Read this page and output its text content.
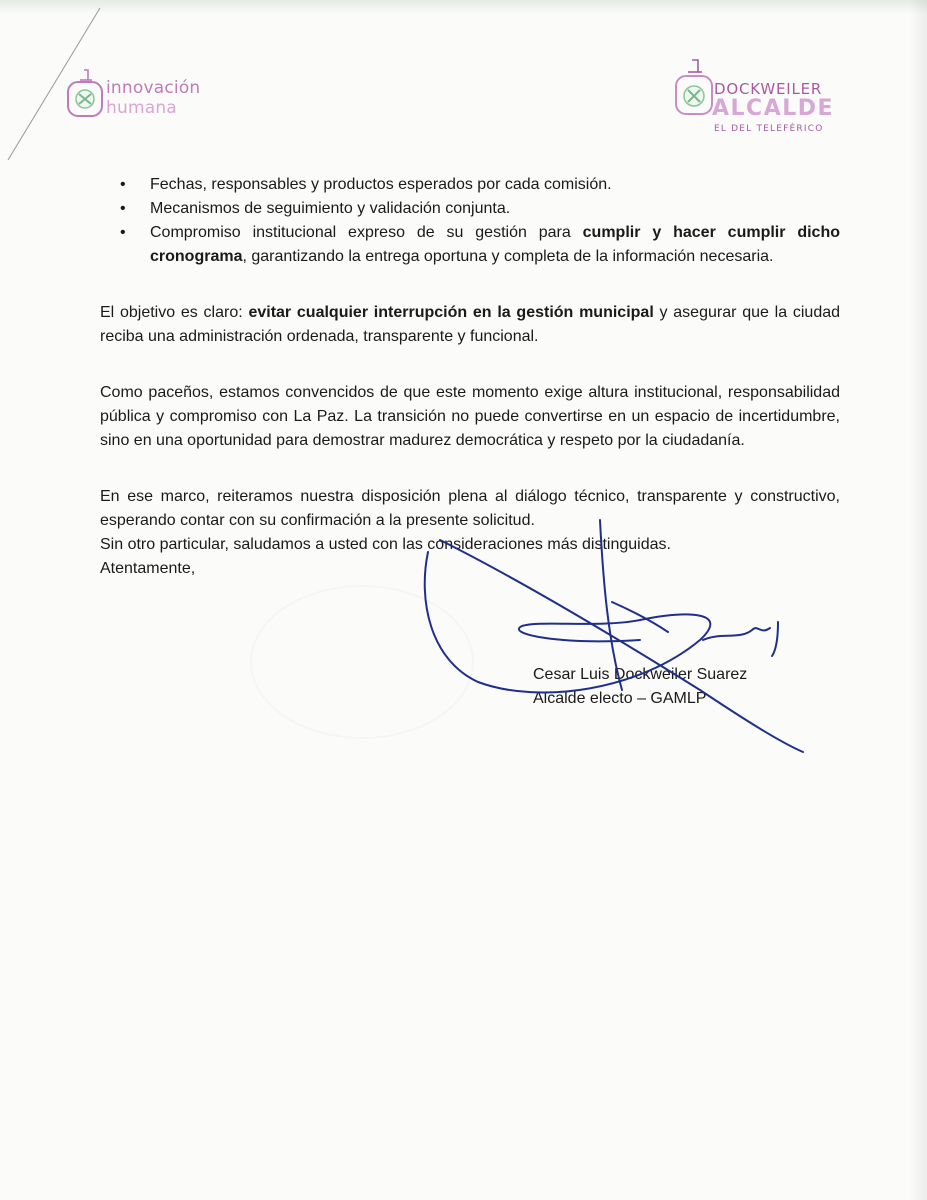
innovación
humana
DOCKWEILER
ALCALDE
EL DEL TELEFÉRICO
• Fechas, responsables y productos esperados por cada comisión.
• Mecanismos de seguimiento y validación conjunta.
• Compromiso institucional expreso de su gestión para cumplir y hacer cumplir dicho cronograma, garantizando la entrega oportuna y completa de la información necesaria.

El objetivo es claro: evitar cualquier interrupción en la gestión municipal y asegurar que la ciudad reciba una administración ordenada, transparente y funcional.

Como paceños, estamos convencidos de que este momento exige altura institucional, responsabilidad pública y compromiso con La Paz. La transición no puede convertirse en un espacio de incertidumbre, sino en una oportunidad para demostrar madurez democrática y respeto por la ciudadanía.

En ese marco, reiteramos nuestra disposición plena al diálogo técnico, transparente y constructivo, esperando contar con su confirmación a la presente solicitud.

Sin otro particular, saludamos a usted con las consideraciones más distinguidas.

Atentamente,

Cesar Luis Dockweiler Suarez
Alcalde electo – GAMLP
